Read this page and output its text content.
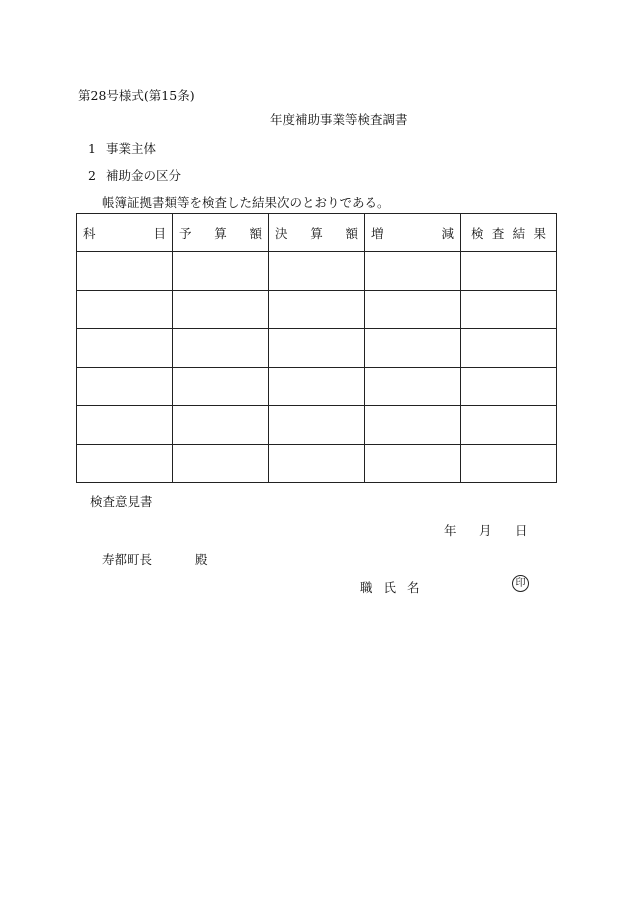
第28号様式(第15条)
年度補助事業等検査調書
1 事業主体
2 補助金の区分
帳簿証拠書類等を検査した結果次のとおりである。
科 目	予 算 額	決 算 額	増 減	検 査 結 果

検査意見書
年 月 日
寿都町長	殿
職氏名	印
